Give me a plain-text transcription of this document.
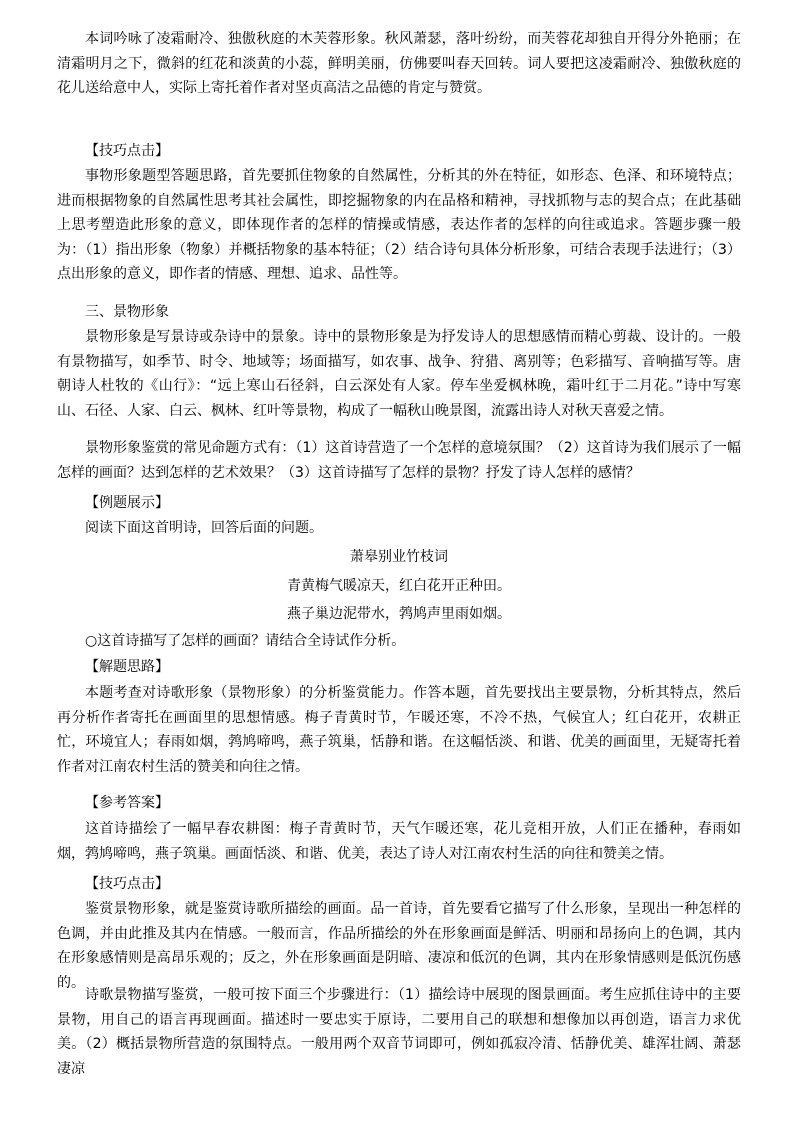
本词吟咏了凌霜耐冷、独傲秋庭的木芙蓉形象。秋风萧瑟，落叶纷纷，而芙蓉花却独自开得分外艳丽；在清霜明月之下，微斜的红花和淡黄的小蕊，鲜明美丽，仿佛要叫春天回转。词人要把这凌霜耐冷、独傲秋庭的花儿送给意中人，实际上寄托着作者对坚贞高洁之品德的肯定与赞赏。

【技巧点击】

事物形象题型答题思路，首先要抓住物象的自然属性，分析其的外在特征，如形态、色泽、和环境特点；进而根据物象的自然属性思考其社会属性，即挖掘物象的内在品格和精神，寻找抓物与志的契合点；在此基础上思考塑造此形象的意义，即体现作者的怎样的情操或情感，表达作者的怎样的向往或追求。答题步骤一般为：（1）指出形象（物象）并概括物象的基本特征；（2）结合诗句具体分析形象，可结合表现手法进行；（3）点出形象的意义，即作者的情感、理想、追求、品性等。

三、景物形象

景物形象是写景诗或杂诗中的景象。诗中的景物形象是为抒发诗人的思想感情而精心剪裁、设计的。一般有景物描写，如季节、时令、地域等；场面描写，如农事、战争、狩猎、离别等；色彩描写、音响描写等。唐朝诗人杜牧的《山行》：“远上寒山石径斜，白云深处有人家。停车坐爱枫林晚，霜叶红于二月花。”诗中写寒山、石径、人家、白云、枫林、红叶等景物，构成了一幅秋山晚景图，流露出诗人对秋天喜爱之情。

景物形象鉴赏的常见命题方式有：（1）这首诗营造了一个怎样的意境氛围？（2）这首诗为我们展示了一幅怎样的画面？达到怎样的艺术效果？（3）这首诗描写了怎样的景物？抒发了诗人怎样的感情？

【例题展示】

阅读下面这首明诗，回答后面的问题。

萧皋别业竹枝词

青黄梅气暖凉天，红白花开正种田。

燕子巢边泥带水，鹁鸠声里雨如烟。

○这首诗描写了怎样的画面？请结合全诗试作分析。

【解题思路】

本题考查对诗歌形象（景物形象）的分析鉴赏能力。作答本题，首先要找出主要景物，分析其特点，然后再分析作者寄托在画面里的思想情感。梅子青黄时节，乍暖还寒，不冷不热，气候宜人；红白花开，农耕正忙，环境宜人；春雨如烟，鹁鸠啼鸣，燕子筑巢，恬静和谐。在这幅恬淡、和谐、优美的画面里，无疑寄托着作者对江南农村生活的赞美和向往之情。

【参考答案】

这首诗描绘了一幅早春农耕图：梅子青黄时节，天气乍暖还寒，花儿竞相开放，人们正在播种，春雨如烟，鹁鸠啼鸣，燕子筑巢。画面恬淡、和谐、优美，表达了诗人对江南农村生活的向往和赞美之情。

【技巧点击】

鉴赏景物形象，就是鉴赏诗歌所描绘的画面。品一首诗，首先要看它描写了什么形象，呈现出一种怎样的色调，并由此推及其内在情感。一般而言，作品所描绘的外在形象画面是鲜活、明丽和昂扬向上的色调，其内在形象感情则是高昂乐观的；反之，外在形象画面是阴暗、凄凉和低沉的色调，其内在形象情感则是低沉伤感的。

诗歌景物描写鉴赏，一般可按下面三个步骤进行：（1）描绘诗中展现的图景画面。考生应抓住诗中的主要景物，用自己的语言再现画面。描述时一要忠实于原诗，二要用自己的联想和想像加以再创造，语言力求优美。（2）概括景物所营造的氛围特点。一般用两个双音节词即可，例如孤寂冷清、恬静优美、雄浑壮阔、萧瑟凄凉
